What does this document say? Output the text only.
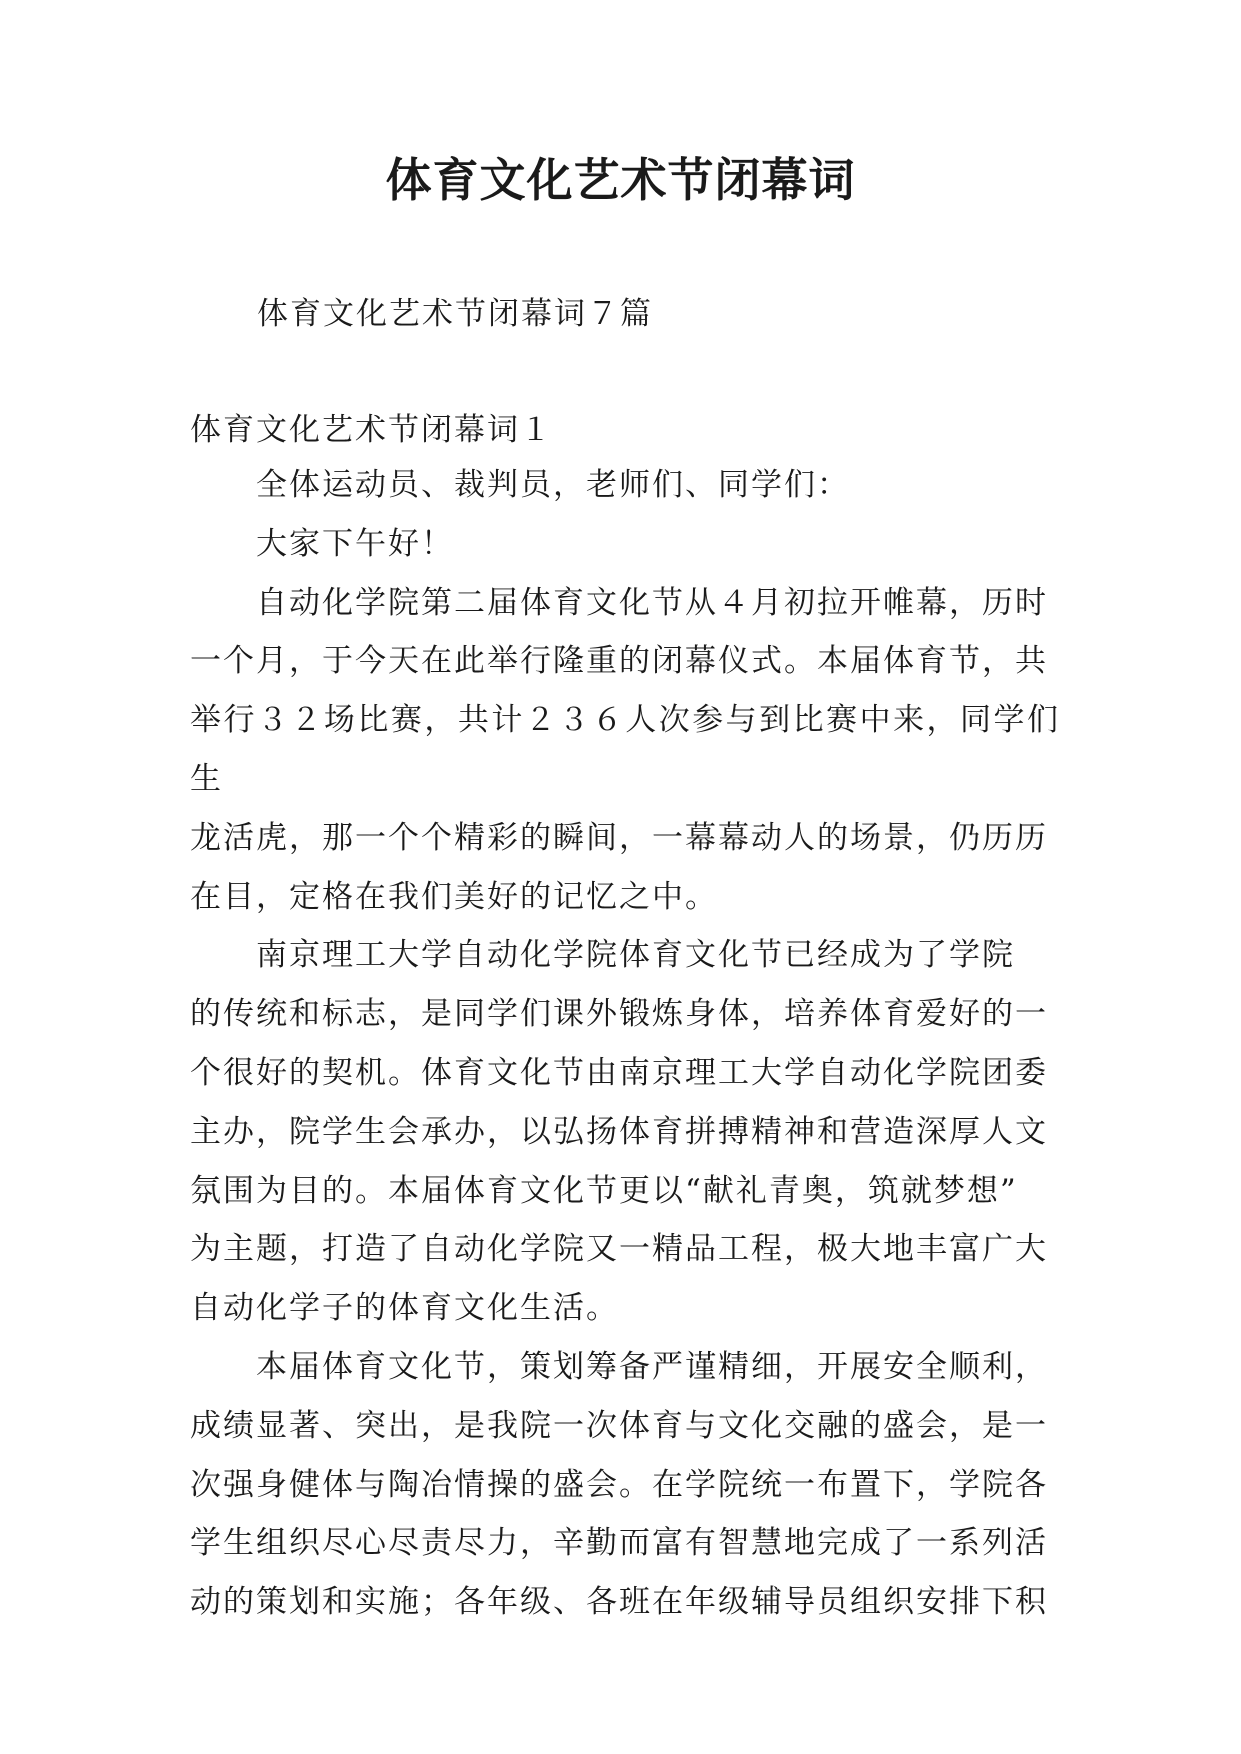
体育文化艺术节闭幕词
体育文化艺术节闭幕词７篇
体育文化艺术节闭幕词１

全体运动员、裁判员，老师们、同学们：

大家下午好！

自动化学院第二届体育文化节从４月初拉开帷幕，历时
一个月，于今天在此举行隆重的闭幕仪式。本届体育节，共
举行３２场比赛，共计２３６人次参与到比赛中来，同学们生
龙活虎，那一个个精彩的瞬间，一幕幕动人的场景，仍历历
在目，定格在我们美好的记忆之中。

南京理工大学自动化学院体育文化节已经成为了学院
的传统和标志，是同学们课外锻炼身体，培养体育爱好的一
个很好的契机。体育文化节由南京理工大学自动化学院团委
主办，院学生会承办，以弘扬体育拼搏精神和营造深厚人文
氛围为目的。本届体育文化节更以“献礼青奥，筑就梦想”
为主题，打造了自动化学院又一精品工程，极大地丰富广大
自动化学子的体育文化生活。

本届体育文化节，策划筹备严谨精细，开展安全顺利，
成绩显著、突出，是我院一次体育与文化交融的盛会，是一
次强身健体与陶冶情操的盛会。在学院统一布置下，学院各
学生组织尽心尽责尽力，辛勤而富有智慧地完成了一系列活
动的策划和实施；各年级、各班在年级辅导员组织安排下积
